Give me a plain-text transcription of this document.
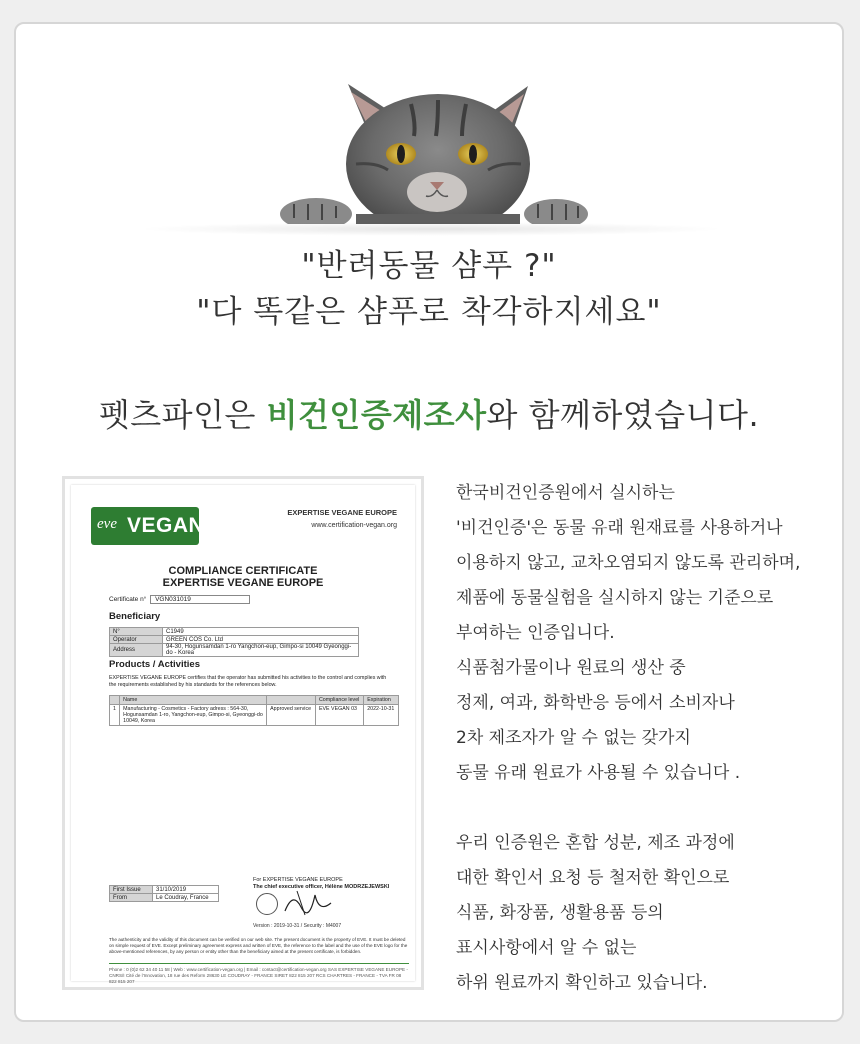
"반려동물 샴푸 ?"
"다 똑같은 샴푸로 착각하지세요"
펫츠파인은 비건인증제조사와 함께하였습니다.
eve VEGAN
EXPERTISE VEGANE EUROPE
www.certification-vegan.org
COMPLIANCE CERTIFICATE
EXPERTISE VEGANE EUROPE
Certificate n° VGN031019
Beneficiary
N°	C1949
Operator	GREEN COS Co. Ltd
Address	94-30, Hogunsamdan 1-ro Yangchon-eup, Gimpo-si 10049 Gyeonggi-do - Korea
Products / Activities
EXPERTISE VEGANE EUROPE certifies that the operator has submitted his activities to the control and complies with the requirements established by his standards for the references below.
	Name		Compliance level	Expiration
1	Manufacturing - Cosmetics - Factory adress : 564-30, Hogunsamdan 1-ro, Yangchon-eup, Gimpo-si, Gyeonggi-do 10049, Korea	Approved service	EVE VEGAN 03	2022-10-31
First Issue	31/10/2019
From	Le Coudray, France
For EXPERTISE VEGANE EUROPE
The chief executive officer, Hélène MODRZEJEWSKI
Version : 2019-10-31 / Security : M4007
The authenticity and the validity of this document can be verified on our web site. The present document is the property of EVE. It must be deleted on simple request of EVE. Except preliminary agreement express and written of EVE, the reference to the label and the use of the EVE logo for the above-mentioned references, by any person or entity other than the beneficiary aimed at the present certificate, is forbidden.
Phone : 0 (0)2 62 34 40 11 58 | Web : www.certification-vegan.org | Email : contact@certification-vegan.org SAS EXPERTISE VEGANE EUROPE - CNRS/I Cité de l'Innovation, 18 rue des Reform 28630 LE COUDRAY - FRANCE SIRET 822 815 207 RCS CHARTRES - FRANCE - TVA FR 08 822 815 207
한국비건인증원에서 실시하는
'비건인증'은 동물 유래 원재료를 사용하거나
이용하지 않고, 교차오염되지 않도록 관리하며,
제품에 동물실험을 실시하지 않는 기준으로
부여하는 인증입니다.
식품첨가물이나 원료의 생산 중
정제, 여과, 화학반응 등에서 소비자나
2차 제조자가 알 수 없는 갖가지
동물 유래 원료가 사용될 수 있습니다 .
우리 인증원은 혼합 성분, 제조 과정에
대한 확인서 요청 등 철저한 확인으로
식품, 화장품, 생활용품 등의
표시사항에서 알 수 없는
하위 원료까지 확인하고 있습니다.
